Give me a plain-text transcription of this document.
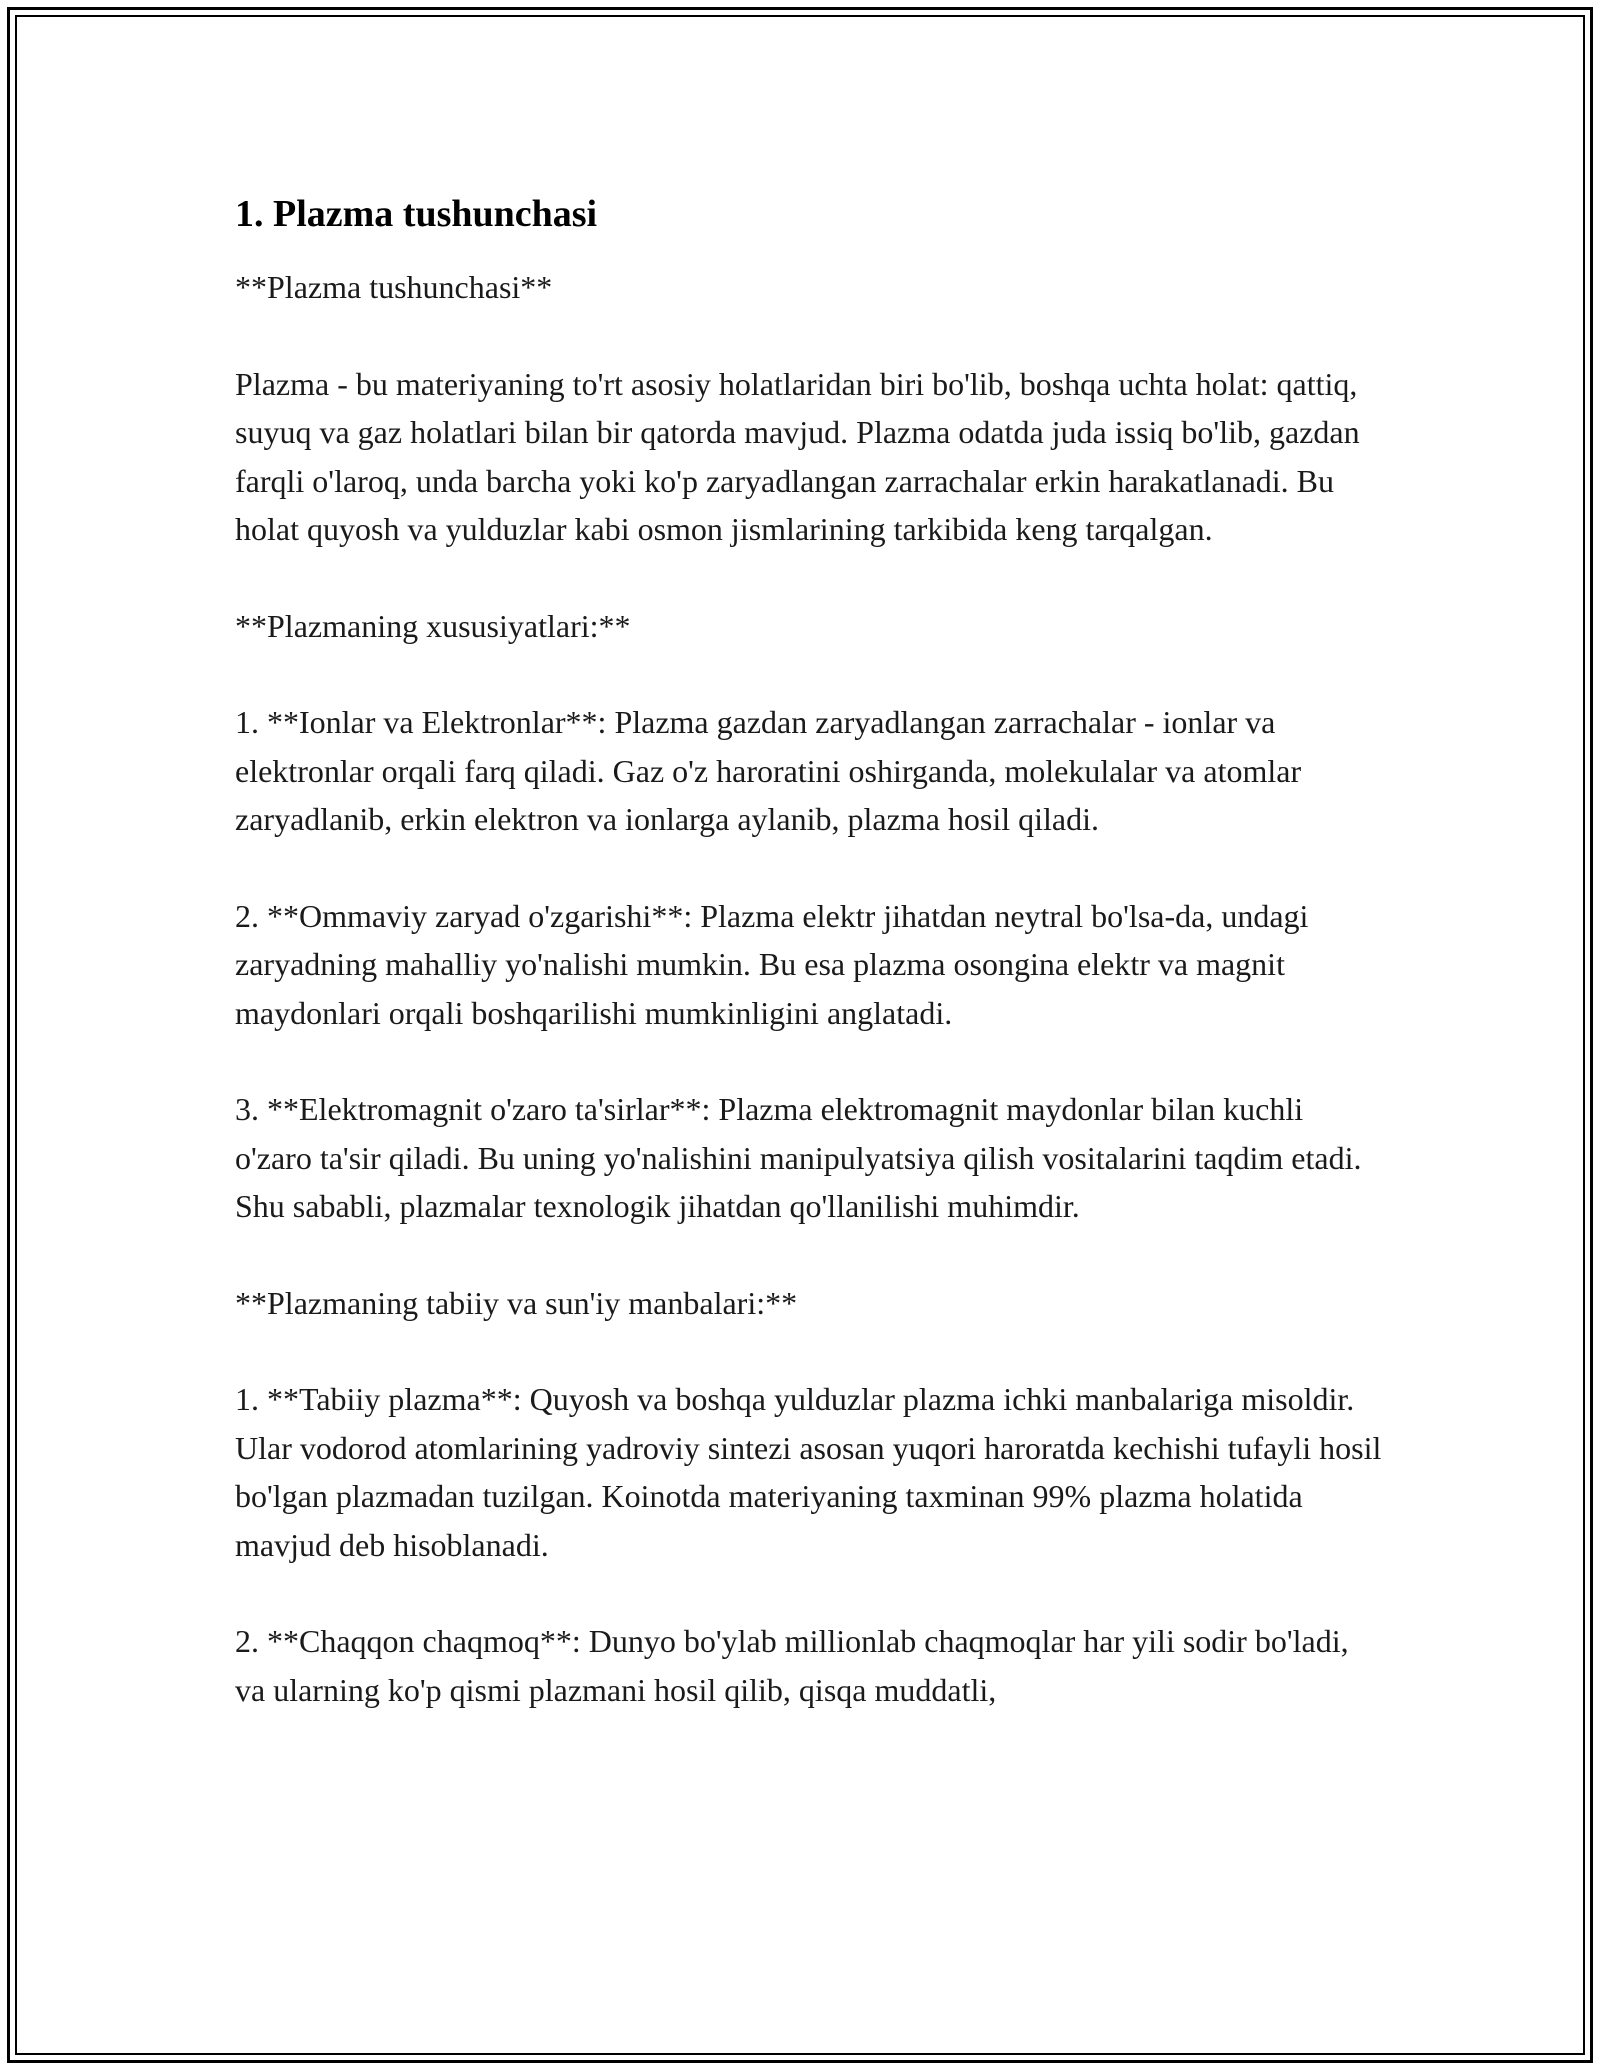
1. Plazma tushunchasi

**Plazma tushunchasi**

Plazma - bu materiyaning to'rt asosiy holatlaridan biri bo'lib, boshqa uchta holat: qattiq, suyuq va gaz holatlari bilan bir qatorda mavjud. Plazma odatda juda issiq bo'lib, gazdan farqli o'laroq, unda barcha yoki ko'p zaryadlangan zarrachalar erkin harakatlanadi. Bu holat quyosh va yulduzlar kabi osmon jismlarining tarkibida keng tarqalgan.

**Plazmaning xususiyatlari:**

1. **Ionlar va Elektronlar**: Plazma gazdan zaryadlangan zarrachalar - ionlar va elektronlar orqali farq qiladi. Gaz o'z haroratini oshirganda, molekulalar va atomlar zaryadlanib, erkin elektron va ionlarga aylanib, plazma hosil qiladi.

2. **Ommaviy zaryad o'zgarishi**: Plazma elektr jihatdan neytral bo'lsa-da, undagi zaryadning mahalliy yo'nalishi mumkin. Bu esa plazma osongina elektr va magnit maydonlari orqali boshqarilishi mumkinligini anglatadi.

3. **Elektromagnit o'zaro ta'sirlar**: Plazma elektromagnit maydonlar bilan kuchli o'zaro ta'sir qiladi. Bu uning yo'nalishini manipulyatsiya qilish vositalarini taqdim etadi. Shu sababli, plazmalar texnologik jihatdan qo'llanilishi muhimdir.

**Plazmaning tabiiy va sun'iy manbalari:**

1. **Tabiiy plazma**: Quyosh va boshqa yulduzlar plazma ichki manbalariga misoldir. Ular vodorod atomlarining yadroviy sintezi asosan yuqori haroratda kechishi tufayli hosil bo'lgan plazmadan tuzilgan. Koinotda materiyaning taxminan 99% plazma holatida mavjud deb hisoblanadi.

2. **Chaqqon chaqmoq**: Dunyo bo'ylab millionlab chaqmoqlar har yili sodir bo'ladi, va ularning ko'p qismi plazmani hosil qilib, qisqa muddatli,
